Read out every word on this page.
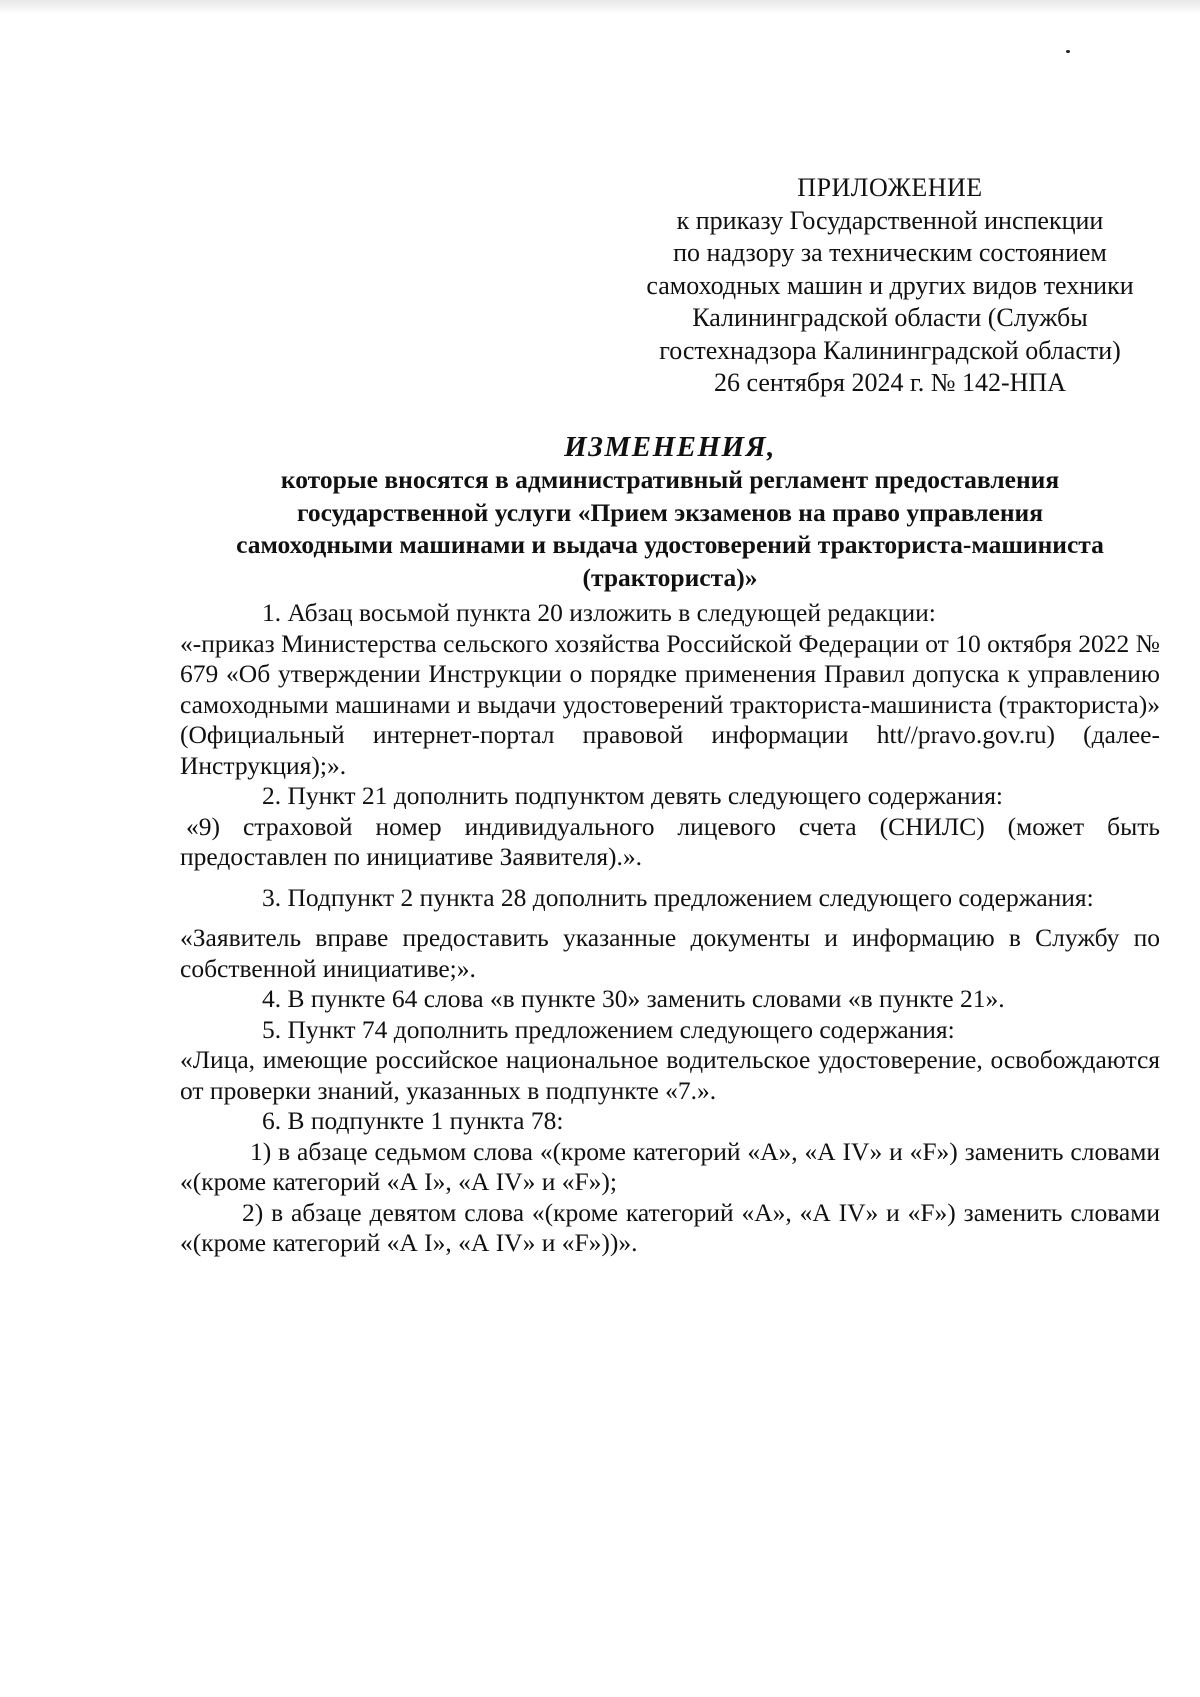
ПРИЛОЖЕНИЕ
к приказу Государственной инспекции
по надзору за техническим состоянием
самоходных машин и других видов техники
Калининградской области (Службы
гостехнадзора Калининградской области)
26 сентября 2024 г. № 142-НПА
ИЗМЕНЕНИЯ,
которые вносятся в административный регламент предоставления
государственной услуги «Прием экзаменов на право управления
самоходными машинами и выдача удостоверений тракториста-машиниста
(тракториста)»

1. Абзац восьмой пункта 20 изложить в следующей редакции:

«-приказ Министерства сельского хозяйства Российской Федерации от 10 октября 2022 № 679 «Об утверждении Инструкции о порядке применения Правил допуска к управлению самоходными машинами и выдачи удостоверений тракториста-машиниста (тракториста)» (Официальный интернет-портал правовой информации htt//pravo.gov.ru) (далее-Инструкция);».

2. Пункт 21 дополнить подпунктом девять следующего содержания:

«9) страховой номер индивидуального лицевого счета (СНИЛС) (может быть предоставлен по инициативе Заявителя).».

3. Подпункт 2 пункта 28 дополнить предложением следующего содержания:

«Заявитель вправе предоставить указанные документы и информацию в Службу по собственной инициативе;».

4. В пункте 64 слова «в пункте 30» заменить словами «в пункте 21».

5. Пункт 74 дополнить предложением следующего содержания:

«Лица, имеющие российское национальное водительское удостоверение, освобождаются от проверки знаний, указанных в подпункте «7.».

6. В подпункте 1 пункта 78:

1) в абзаце седьмом слова «(кроме категорий «А», «А IV» и «F») заменить словами «(кроме категорий «А I», «А IV» и «F»);

2) в абзаце девятом слова «(кроме категорий «А», «А IV» и «F») заменить словами «(кроме категорий «А I», «А IV» и «F»))».
